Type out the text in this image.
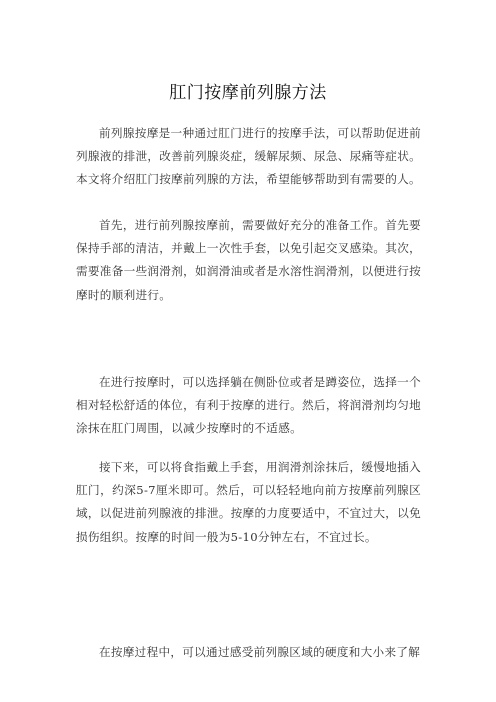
肛门按摩前列腺方法

前列腺按摩是一种通过肛门进行的按摩手法，可以帮助促进前列腺液的排泄，改善前列腺炎症，缓解尿频、尿急、尿痛等症状。本文将介绍肛门按摩前列腺的方法，希望能够帮助到有需要的人。

首先，进行前列腺按摩前，需要做好充分的准备工作。首先要保持手部的清洁，并戴上一次性手套，以免引起交叉感染。其次，需要准备一些润滑剂，如润滑油或者是水溶性润滑剂，以便进行按摩时的顺利进行。

在进行按摩时，可以选择躺在侧卧位或者是蹲姿位，选择一个相对轻松舒适的体位，有利于按摩的进行。然后，将润滑剂均匀地涂抹在肛门周围，以减少按摩时的不适感。

接下来，可以将食指戴上手套，用润滑剂涂抹后，缓慢地插入肛门，约深5-7厘米即可。然后，可以轻轻地向前方按摩前列腺区域，以促进前列腺液的排泄。按摩的力度要适中，不宜过大，以免损伤组织。按摩的时间一般为5-10分钟左右，不宜过长。

在按摩过程中，可以通过感受前列腺区域的硬度和大小来了解
